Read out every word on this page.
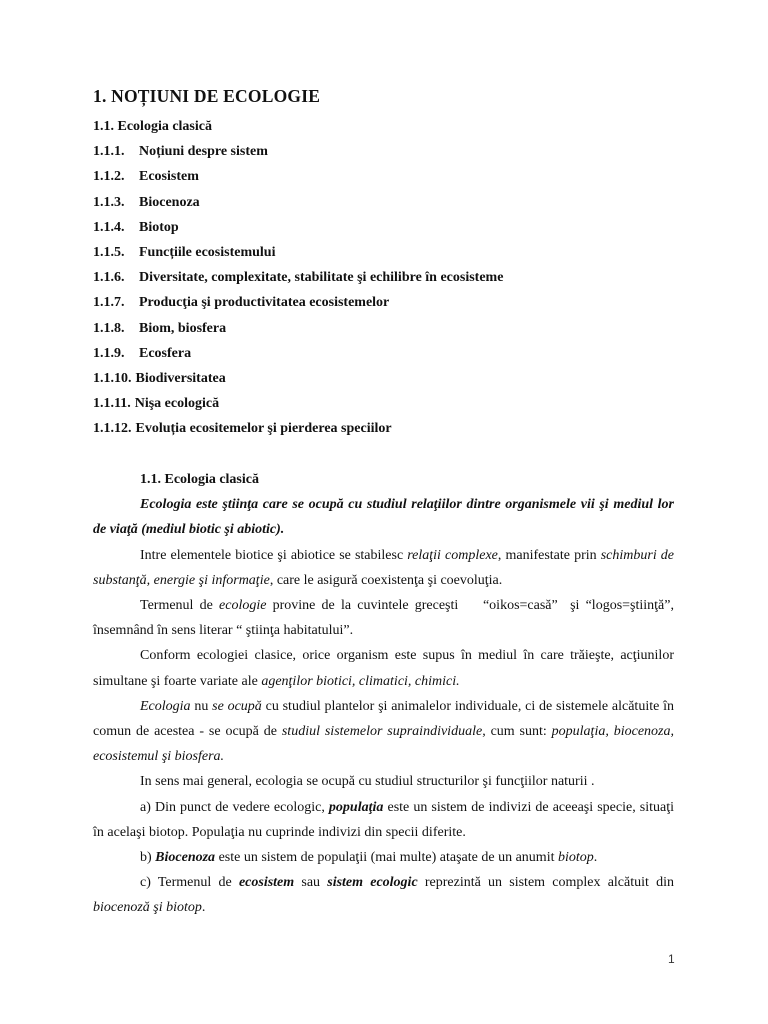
1. NOȚIUNI DE ECOLOGIE
1.1. Ecologia clasică
1.1.1. Noțiuni despre sistem
1.1.2. Ecosistem
1.1.3. Biocenoza
1.1.4. Biotop
1.1.5. Funcțiile ecosistemului
1.1.6. Diversitate, complexitate, stabilitate şi echilibre în ecosisteme
1.1.7. Producţia şi productivitatea ecosistemelor
1.1.8. Biom, biosfera
1.1.9. Ecosfera
1.1.10. Biodiversitatea
1.1.11. Nişa ecologică
1.1.12. Evoluția ecositemelor şi pierderea speciilor

1.1. Ecologia clasică

Ecologia este ştiinţa care se ocupă cu studiul relaţiilor dintre organismele vii şi mediul lor de viaţă (mediul biotic şi abiotic).

Intre elementele biotice şi abiotice se stabilesc relaţii complexe, manifestate prin schimburi de substanţă, energie şi informaţie, care le asigură coexistenţa şi coevoluţia.

Termenul de ecologie provine de la cuvintele greceşti    “oikos=casă”  şi “logos=ştiinţă”, însemnând în sens literar “ ştiinţa habitatului”.

Conform ecologiei clasice, orice organism este supus în mediul în care trăieşte, acţiunilor simultane şi foarte variate ale agenţilor biotici, climatici, chimici.

Ecologia nu se ocupă cu studiul plantelor şi animalelor individuale, ci de sistemele alcătuite în comun de acestea - se ocupă de studiul sistemelor supraindividuale, cum sunt: populaţia, biocenoza, ecosistemul şi biosfera.

In sens mai general, ecologia se ocupă cu studiul structurilor şi funcţiilor naturii .

a) Din punct de vedere ecologic, populaţia este un sistem de indivizi de aceeaşi specie, situaţi în acelaşi biotop. Populaţia nu cuprinde indivizi din specii diferite.

b) Biocenoza este un sistem de populaţii (mai multe) ataşate de un anumit biotop.

c) Termenul de ecosistem sau sistem ecologic reprezintă un sistem complex alcătuit din biocenoză şi biotop.

1
